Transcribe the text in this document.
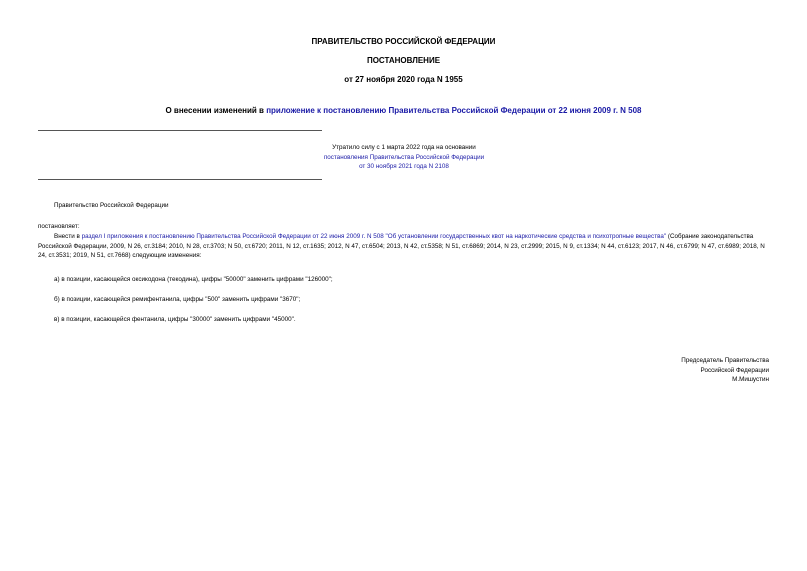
ПРАВИТЕЛЬСТВО РОССИЙСКОЙ ФЕДЕРАЦИИ
ПОСТАНОВЛЕНИЕ
от 27 ноября 2020 года N 1955
О внесении изменений в приложение к постановлению Правительства Российской Федерации от 22 июня 2009 г. N 508
Утратило силу с 1 марта 2022 года на основании
постановления Правительства Российской Федерации
от 30 ноября 2021 года N 2108
Правительство Российской Федерации
постановляет:
Внести в раздел I приложения к постановлению Правительства Российской Федерации от 22 июня 2009 г. N 508 "Об установлении государственных квот на наркотические средства и психотропные вещества" (Собрание законодательства Российской Федерации, 2009, N 26, ст.3184; 2010, N 28, ст.3703; N 50, ст.6720; 2011, N 12, ст.1635; 2012, N 47, ст.6504; 2013, N 42, ст.5358; N 51, ст.6869; 2014, N 23, ст.2999; 2015, N 9, ст.1334; N 44, ст.6123; 2017, N 46, ст.6799; N 47, ст.6989; 2018, N 24, ст.3531; 2019, N 51, ст.7668) следующие изменения:
а) в позиции, касающейся оксикодона (текодина), цифры "50000" заменить цифрами "126000";
б) в позиции, касающейся ремифентанила, цифры "500" заменить цифрами "3670";
в) в позиции, касающейся фентанила, цифры "30000" заменить цифрами "45000".
Председатель Правительства
Российской Федерации
М.Мишустин
